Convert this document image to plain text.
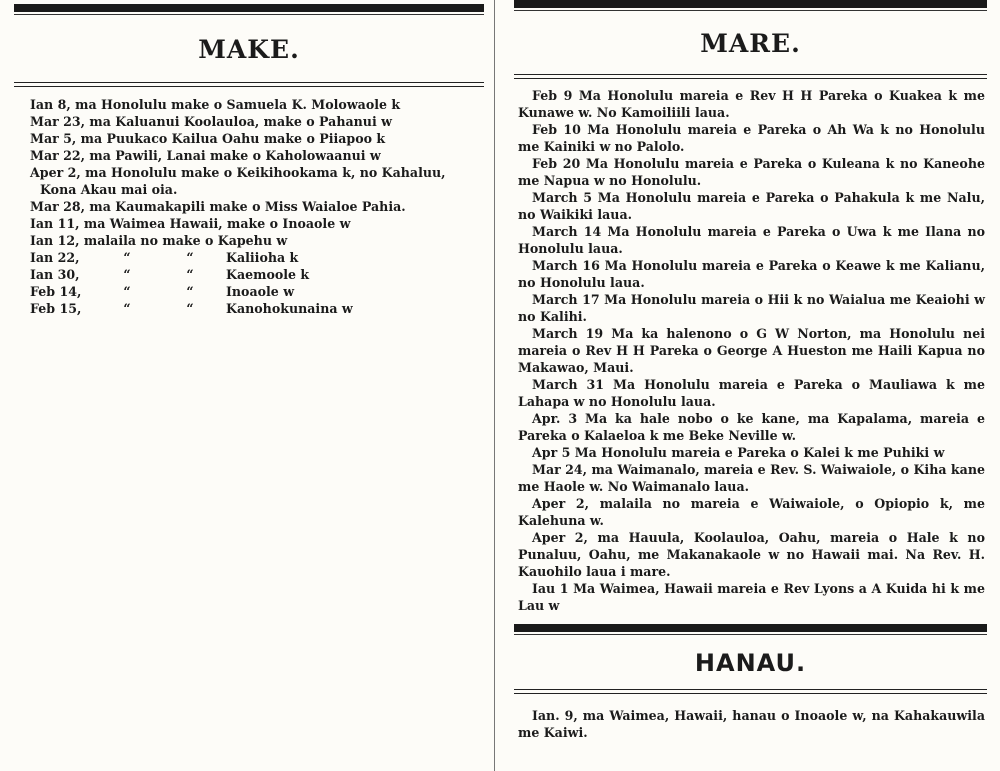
MAKE.
Ian 8, ma Honolulu make o Samuela K. Molowaole k
Mar 23, ma Kaluanui Koolauloa, make o Pahanui w
Mar 5, ma Puukaco Kailua Oahu make o Piiapoo k
Mar 22, ma Pawili, Lanai make o Kaholowaanui w
Aper 2, ma Honolulu make o Keikihookama k, no Kahaluu,
Kona Akau mai oia.
Mar 28, ma Kaumakapili make o Miss Waialoe Pahia.
Ian 11, ma Waimea Hawaii, make o Inoaole w
Ian 12, malaila no make o Kapehu w
Ian 22,	“	“	Kaliioha k
Ian 30,	“	“	Kaemoole k
Feb 14,	“	“	Inoaole w
Feb 15,	“	“	Kanohokunaina w
MARE.

Feb 9 Ma Honolulu mareia e Rev H H Pareka o Kuakea k me Kunawe w. No Kamoiliili laua.

Feb 10 Ma Honolulu mareia e Pareka o Ah Wa k no Honolulu me Kainiki w no Palolo.

Feb 20 Ma Honolulu mareia e Pareka o Kuleana k no Kaneohe me Napua w no Honolulu.

March 5 Ma Honolulu mareia e Pareka o Pahakula k me Nalu, no Waikiki laua.

March 14 Ma Honolulu mareia e Pareka o Uwa k me Ilana no Honolulu laua.

March 16 Ma Honolulu mareia e Pareka o Keawe k me Kalianu, no Honolulu laua.

March 17 Ma Honolulu mareia o Hii k no Waialua me Keaiohi w no Kalihi.

March 19 Ma ka halenono o G W Norton, ma Honolulu nei mareia o Rev H H Pareka o George A Hueston me Haili Kapua no Makawao, Maui.

March 31 Ma Honolulu mareia e Pareka o Mauliawa k me Lahapa w no Honolulu laua.

Apr. 3 Ma ka hale nobo o ke kane, ma Kapalama, mareia e Pareka o Kalaeloa k me Beke Neville w.

Apr 5 Ma Honolulu mareia e Pareka o Kalei k me Puhiki w

Mar 24, ma Waimanalo, mareia e Rev. S. Waiwaiole, o Kiha kane me Haole w. No Waimanalo laua.

Aper 2, malaila no mareia e Waiwaiole, o Opiopio k, me Kalehuna w.

Aper 2, ma Hauula, Koolauloa, Oahu, mareia o Hale k no Punaluu, Oahu, me Makanakaole w no Hawaii mai. Na Rev. H. Kauohilo laua i mare.

Iau 1 Ma Waimea, Hawaii mareia e Rev Lyons a A Kuida hi k me Lau w

HANAU.

Ian. 9, ma Waimea, Hawaii, hanau o Inoaole w, na Kahakauwila me Kaiwi.
